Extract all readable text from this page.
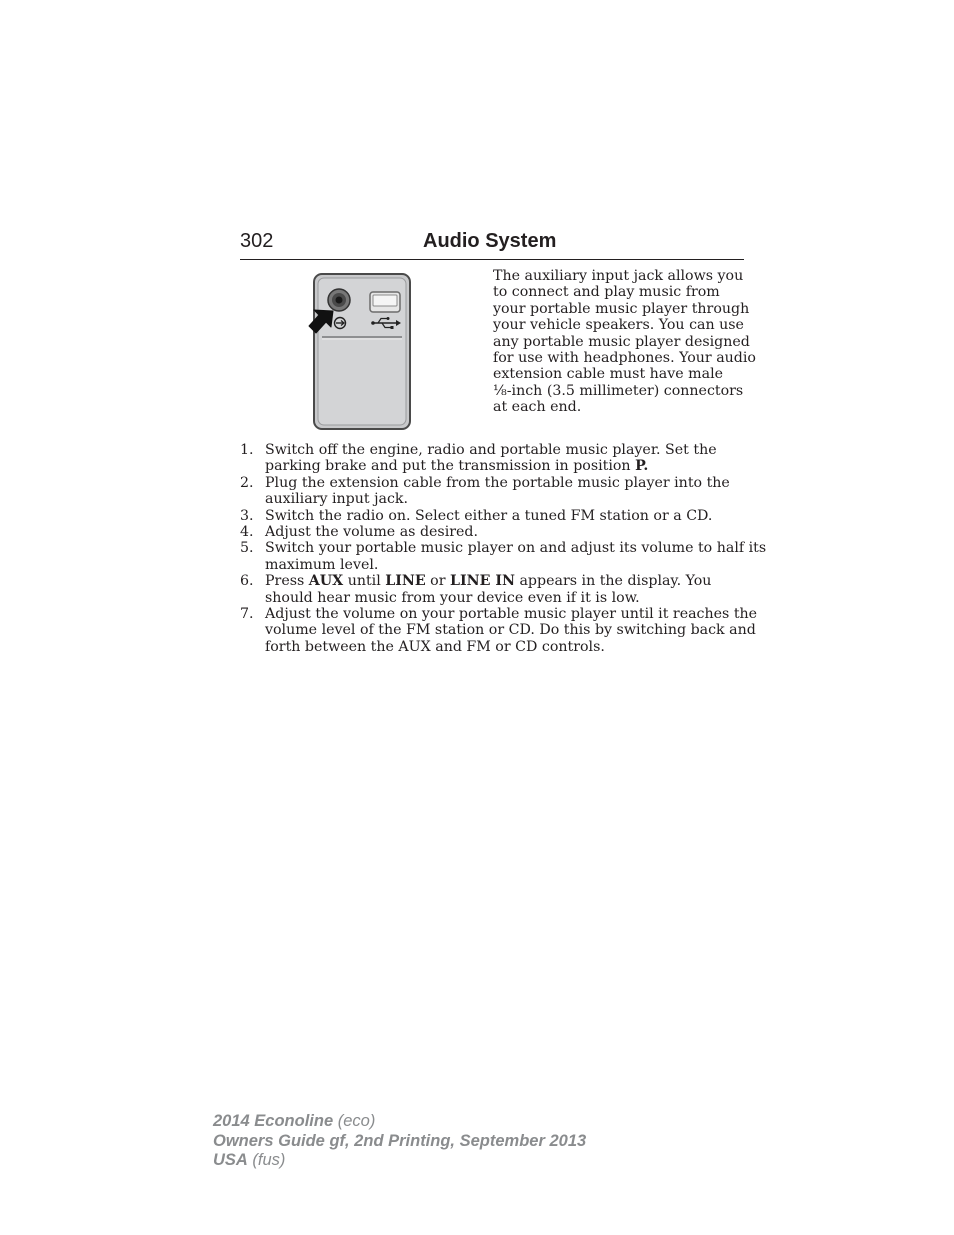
302	Audio System
The auxiliary input jack allows you
to connect and play music from
your portable music player through
your vehicle speakers. You can use
any portable music player designed
for use with headphones. Your audio
extension cable must have male
⅛-inch (3.5 millimeter) connectors
at each end.
1. Switch off the engine, radio and portable music player. Set the
parking brake and put the transmission in position P.
2. Plug the extension cable from the portable music player into the
auxiliary input jack.
3. Switch the radio on. Select either a tuned FM station or a CD.
4. Adjust the volume as desired.
5. Switch your portable music player on and adjust its volume to half its
maximum level.
6. Press AUX until LINE or LINE IN appears in the display. You
should hear music from your device even if it is low.
7. Adjust the volume on your portable music player until it reaches the
volume level of the FM station or CD. Do this by switching back and
forth between the AUX and FM or CD controls.
2014 Econoline (eco)
Owners Guide gf, 2nd Printing, September 2013
USA (fus)
